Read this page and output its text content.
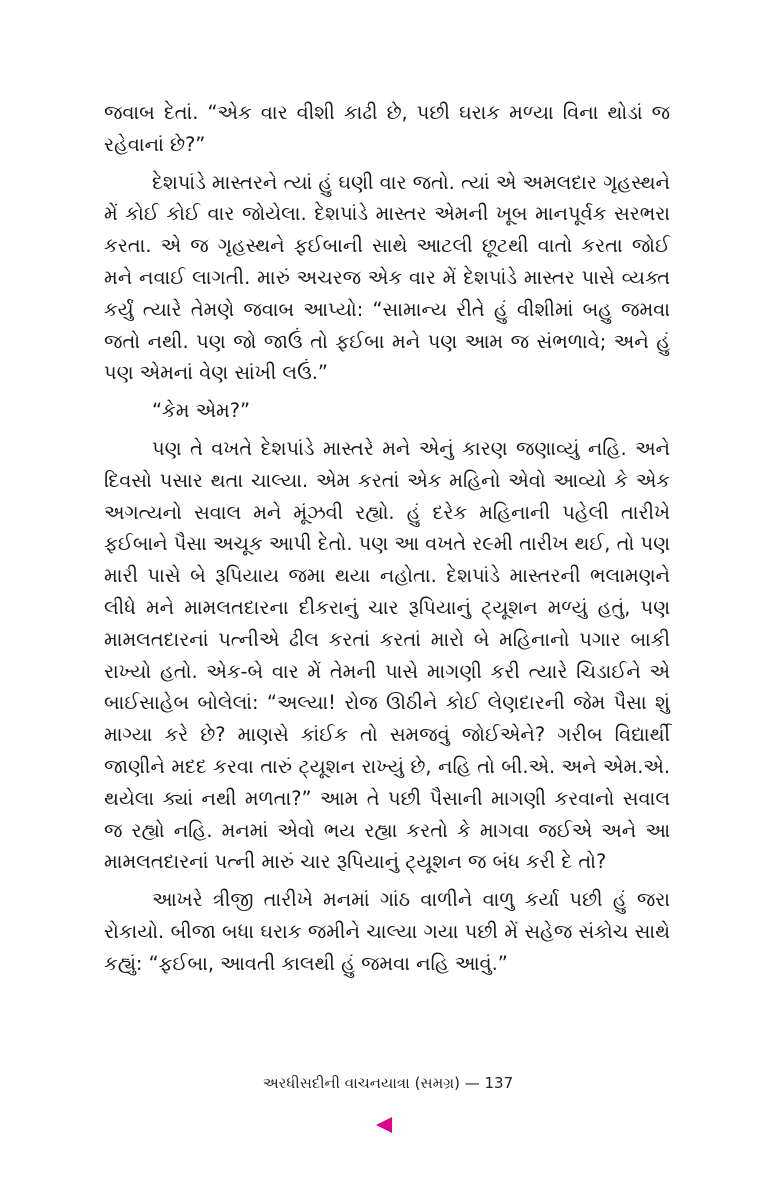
જવાબ દેતાં. “એક વાર વીશી કાઢી છે, પછી ઘરાક મળ્યા વિના થોડાં જ રહેવાનાં છે?”

દેશપાંડે માસ્તરને ત્યાં હું ઘણી વાર જતો. ત્યાં એ અમલદાર ગૃહસ્થને મેં કોઈ કોઈ વાર જોયેલા. દેશપાંડે માસ્તર એમની ખૂબ માનપૂર્વક સરભરા કરતા. એ જ ગૃહસ્થને ફઈબાની સાથે આટલી છૂટથી વાતો કરતા જોઈ મને નવાઈ લાગતી. મારું અચરજ એક વાર મેં દેશપાંડે માસ્તર પાસે વ્યક્ત કર્યું ત્યારે તેમણે જવાબ આપ્યો: “સામાન્ય રીતે હું વીશીમાં બહુ જમવા જતો નથી. પણ જો જાઉં તો ફઈબા મને પણ આમ જ સંભળાવે; અને હું પણ એમનાં વેણ સાંખી લઉં.”

“કેમ એમ?”

પણ તે વખતે દેશપાંડે માસ્તરે મને એનું કારણ જણાવ્યું નહિ. અને દિવસો પસાર થતા ચાલ્યા. એમ કરતાં એક મહિનો એવો આવ્યો કે એક અગત્યનો સવાલ મને મૂંઝવી રહ્યો. હું દરેક મહિનાની પહેલી તારીખે ફઈબાને પૈસા અચૂક આપી દેતો. પણ આ વખતે ર૯મી તારીખ થઈ, તો પણ મારી પાસે બે રૂપિયાય જમા થયા નહોતા. દેશપાંડે માસ્તરની ભલામણને લીધે મને મામલતદારના દીકરાનું ચાર રૂપિયાનું ટ્યૂશન મળ્યું હતું, પણ મામલતદારનાં પત્નીએ ઢીલ કરતાં કરતાં મારો બે મહિનાનો પગાર બાકી રાખ્યો હતો. એક-બે વાર મેં તેમની પાસે માગણી કરી ત્યારે ચિડાઈને એ બાઈસાહેબ બોલેલાં: “અલ્યા! રોજ ઊઠીને કોઈ લેણદારની જેમ પૈસા શું માગ્યા કરે છે? માણસે કાંઈક તો સમજવું જોઈએને? ગરીબ વિદ્યાર્થી જાણીને મદદ કરવા તારું ટ્યૂશન રાખ્યું છે, નહિ તો બી.એ. અને એમ.એ. થયેલા ક્યાં નથી મળતા?” આમ તે પછી પૈસાની માગણી કરવાનો સવાલ જ રહ્યો નહિ. મનમાં એવો ભય રહ્યા કરતો કે માગવા જઈએ અને આ મામલતદારનાં પત્ની મારું ચાર રૂપિયાનું ટ્યૂશન જ બંધ કરી દે તો?

આખરે ત્રીજી તારીખે મનમાં ગાંઠ વાળીને વાળુ કર્યા પછી હું જરા રોકાયો. બીજા બધા ઘરાક જમીને ચાલ્યા ગયા પછી મેં સહેજ સંકોચ સાથે કહ્યું: “ફઈબા, આવતી કાલથી હું જમવા નહિ આવું.”

અરધીસદીની વાચનયાત્રા (સમગ્ર) — 137
